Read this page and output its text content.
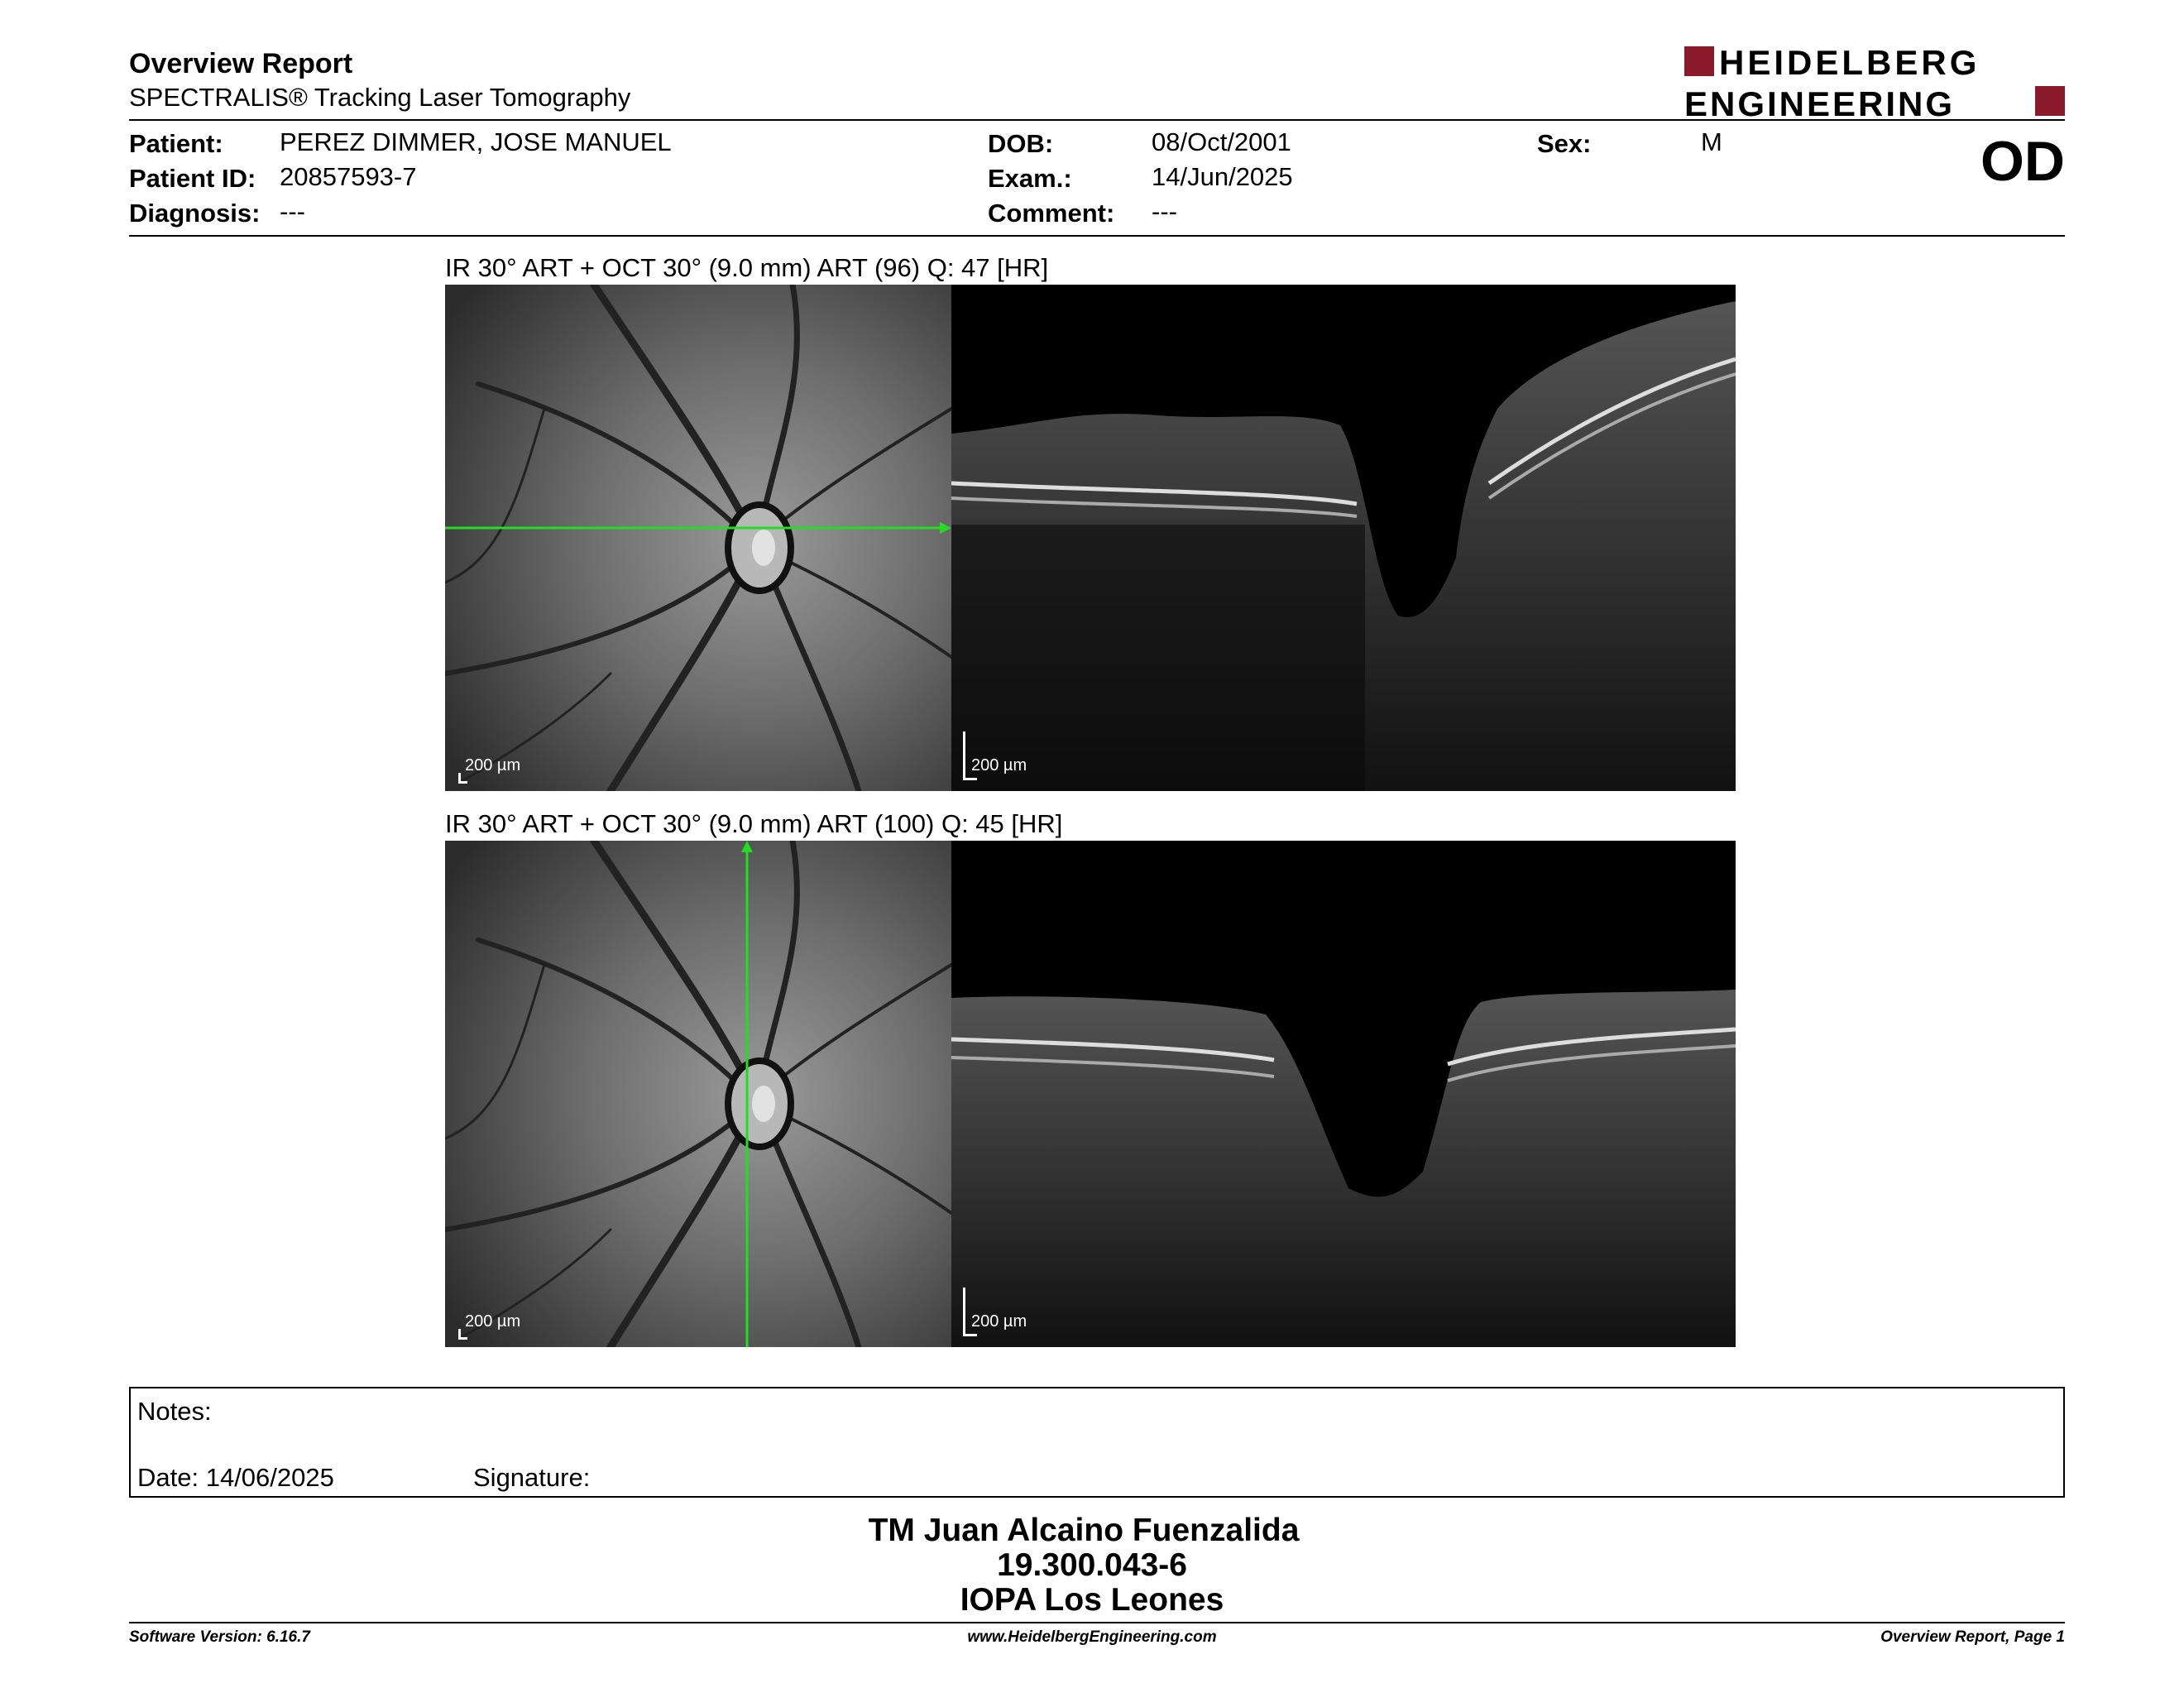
Overview Report
SPECTRALIS® Tracking Laser Tomography
HEIDELBERG
ENGINEERING
Patient: PEREZ DIMMER, JOSE MANUEL
Patient ID: 20857593-7
Diagnosis: ---
DOB:	08/Oct/2001
Exam.:	14/Jun/2025
Comment: ---
Sex:	M	OD
IR 30° ART + OCT 30° (9.0 mm) ART (96) Q: 47 [HR]
200 µm	200 µm
IR 30° ART + OCT 30° (9.0 mm) ART (100) Q: 45 [HR]
200 µm	200 µm
Notes:
Date: 14/06/2025	Signature:
TM Juan Alcaino Fuenzalida
19.300.043-6
IOPA Los Leones
Software Version: 6.16.7	www.HeidelbergEngineering.com	Overview Report, Page 1
